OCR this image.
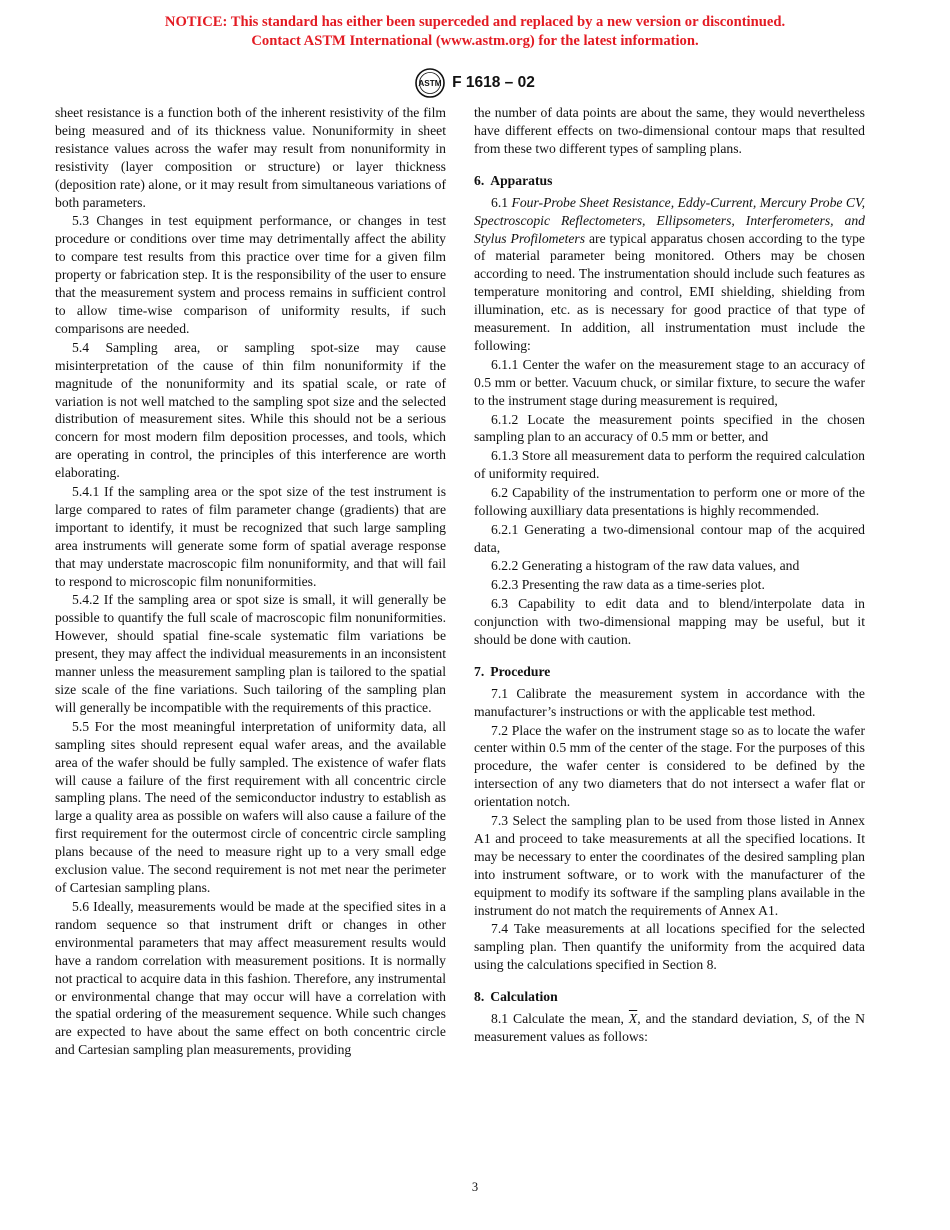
NOTICE: This standard has either been superceded and replaced by a new version or discontinued.
Contact ASTM International (www.astm.org) for the latest information.
ASTM F 1618 – 02

sheet resistance is a function both of the inherent resistivity of the film being measured and of its thickness value. Nonuniformity in sheet resistance values across the wafer may result from nonuniformity in resistivity (layer composition or structure) or layer thickness (deposition rate) alone, or it may result from simultaneous variations of both parameters.

5.3 Changes in test equipment performance, or changes in test procedure or conditions over time may detrimentally affect the ability to compare test results from this practice over time for a given film property or fabrication step. It is the responsibility of the user to ensure that the measurement system and process remains in sufficient control to allow time-wise comparison of uniformity results, if such comparisons are needed.

5.4 Sampling area, or sampling spot-size may cause misinterpretation of the cause of thin film nonuniformity if the magnitude of the nonuniformity and its spatial scale, or rate of variation is not well matched to the sampling spot size and the selected distribution of measurement sites. While this should not be a serious concern for most modern film deposition processes, and tools, which are operating in control, the principles of this interference are worth elaborating.

5.4.1 If the sampling area or the spot size of the test instrument is large compared to rates of film parameter change (gradients) that are important to identify, it must be recognized that such large sampling area instruments will generate some form of spatial average response that may understate macroscopic film nonuniformity, and that will fail to respond to microscopic film nonuniformities.

5.4.2 If the sampling area or spot size is small, it will generally be possible to quantify the full scale of macroscopic film nonuniformities. However, should spatial fine-scale systematic film variations be present, they may affect the individual measurements in an inconsistent manner unless the measurement sampling plan is tailored to the spatial size scale of the fine variations. Such tailoring of the sampling plan will generally be incompatible with the requirements of this practice.

5.5 For the most meaningful interpretation of uniformity data, all sampling sites should represent equal wafer areas, and the available area of the wafer should be fully sampled. The existence of wafer flats will cause a failure of the first requirement with all concentric circle sampling plans. The need of the semiconductor industry to establish as large a quality area as possible on wafers will also cause a failure of the first requirement for the outermost circle of concentric circle sampling plans because of the need to measure right up to a very small edge exclusion value. The second requirement is not met near the perimeter of Cartesian sampling plans.

5.6 Ideally, measurements would be made at the specified sites in a random sequence so that instrument drift or changes in other environmental parameters that may affect measurement results would have a random correlation with measurement positions. It is normally not practical to acquire data in this fashion. Therefore, any instrumental or environmental change that may occur will have a correlation with the spatial ordering of the measurement sequence. While such changes are expected to have about the same effect on both concentric circle and Cartesian sampling plan measurements, providing

the number of data points are about the same, they would nevertheless have different effects on two-dimensional contour maps that resulted from these two different types of sampling plans.

6. Apparatus

6.1 Four-Probe Sheet Resistance, Eddy-Current, Mercury Probe CV, Spectroscopic Reflectometers, Ellipsometers, Interferometers, and Stylus Profilometers are typical apparatus chosen according to the type of material parameter being monitored. Others may be chosen according to need. The instrumentation should include such features as temperature monitoring and control, EMI shielding, shielding from illumination, etc. as is necessary for good practice of that type of measurement. In addition, all instrumentation must include the following:

6.1.1 Center the wafer on the measurement stage to an accuracy of 0.5 mm or better. Vacuum chuck, or similar fixture, to secure the wafer to the instrument stage during measurement is required,

6.1.2 Locate the measurement points specified in the chosen sampling plan to an accuracy of 0.5 mm or better, and

6.1.3 Store all measurement data to perform the required calculation of uniformity required.

6.2 Capability of the instrumentation to perform one or more of the following auxilliary data presentations is highly recommended.

6.2.1 Generating a two-dimensional contour map of the acquired data,

6.2.2 Generating a histogram of the raw data values, and

6.2.3 Presenting the raw data as a time-series plot.

6.3 Capability to edit data and to blend/interpolate data in conjunction with two-dimensional mapping may be useful, but it should be done with caution.

7. Procedure

7.1 Calibrate the measurement system in accordance with the manufacturer’s instructions or with the applicable test method.

7.2 Place the wafer on the instrument stage so as to locate the wafer center within 0.5 mm of the center of the stage. For the purposes of this procedure, the wafer center is considered to be defined by the intersection of any two diameters that do not intersect a wafer flat or orientation notch.

7.3 Select the sampling plan to be used from those listed in Annex A1 and proceed to take measurements at all the specified locations. It may be necessary to enter the coordinates of the desired sampling plan into instrument software, or to work with the manufacturer of the equipment to modify its software if the sampling plans available in the instrument do not match the requirements of Annex A1.

7.4 Take measurements at all locations specified for the selected sampling plan. Then quantify the uniformity from the acquired data using the calculations specified in Section 8.

8. Calculation

8.1 Calculate the mean, $\overline{X}$, and the standard deviation, S, of the N measurement values as follows:

3
